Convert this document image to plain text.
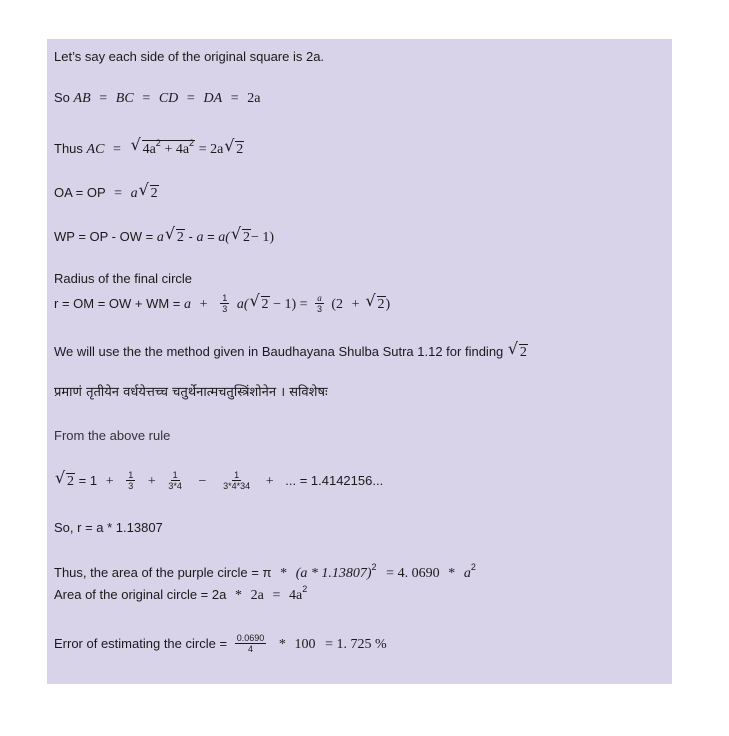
Let’s say each side of the original square is 2a.
So AB = BC = CD = DA = 2a
Thus AC = √ $4a^2 + 4a^2 = 2a$ √ 2
OA = OP = a √ 2
WP = OP - OW = a √ 2 - a = a( √ 2− 1)
Radius of the final circle
r = OM = OW + WM = $a + \frac{1}{3} a$( √ $2 - 1) = \frac{a}{3} (2$ + √ 2)
We will use the the method given in Baudhayana Shulba Sutra 1.12 for finding √ 2
प्रमाणं तृतीयेन वर्धयेत्तच्च चतुर्थेनात्मचतुस्त्रिंशोनेन । सविशेषः
From the above rule
√ $2 = 1 + \frac{1}{3} + \frac{1}{3*4} - \frac{1}{3*4*34}$ + ... = 1.4142156...
So, r = a * 1.13807
Thus, the area of the purple circle = π * (a * 1.13807)$^2$ = 4. $0690 * a^2$
Area of the original circle = $2a * 2a = 4a^2$
Error of estimating the circle = $\frac{0.0690}{4} * 100 = 1$. 725 %
